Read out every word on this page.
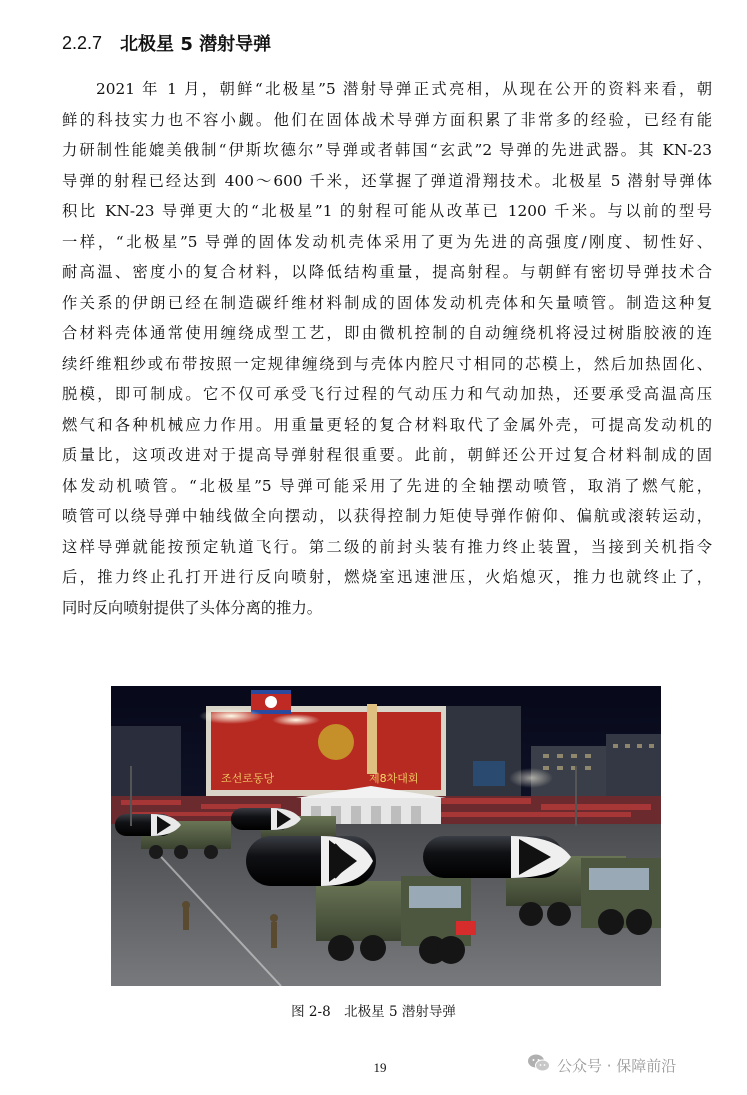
2.2.7 北极星 5 潜射导弹
2021 年 1 月，朝鲜“北极星”5 潜射导弹正式亮相，从现在公开的资料来看，朝
鲜的科技实力也不容小觑。他们在固体战术导弹方面积累了非常多的经验，已经有能
力研制性能媲美俄制“伊斯坎德尔”导弹或者韩国“玄武”2 导弹的先进武器。其 KN-23
导弹的射程已经达到 400～600 千米，还掌握了弹道滑翔技术。北极星 5 潜射导弹体
积比 KN-23 导弹更大的“北极星”1 的射程可能从改革已 1200 千米。与以前的型号
一样，“北极星”5 导弹的固体发动机壳体采用了更为先进的高强度/刚度、韧性好、
耐高温、密度小的复合材料，以降低结构重量，提高射程。与朝鲜有密切导弹技术合
作关系的伊朗已经在制造碳纤维材料制成的固体发动机壳体和矢量喷管。制造这种复
合材料壳体通常使用缠绕成型工艺，即由微机控制的自动缠绕机将浸过树脂胶液的连
续纤维粗纱或布带按照一定规律缠绕到与壳体内腔尺寸相同的芯模上，然后加热固化、
脱模，即可制成。它不仅可承受飞行过程的气动压力和气动加热，还要承受高温高压
燃气和各种机械应力作用。用重量更轻的复合材料取代了金属外壳，可提高发动机的
质量比，这项改进对于提高导弹射程很重要。此前，朝鲜还公开过复合材料制成的固
体发动机喷管。“北极星”5 导弹可能采用了先进的全轴摆动喷管，取消了燃气舵，
喷管可以绕导弹中轴线做全向摆动，以获得控制力矩使导弹作俯仰、偏航或滚转运动，
这样导弹就能按预定轨道飞行。第二级的前封头装有推力终止装置，当接到关机指令
后，推力终止孔打开进行反向喷射，燃烧室迅速泄压，火焰熄灭，推力也就终止了，
同时反向喷射提供了头体分离的推力。
조선로동당	제8차대회
图 2-8　北极星 5 潜射导弹
19	公众号 · 保障前沿
